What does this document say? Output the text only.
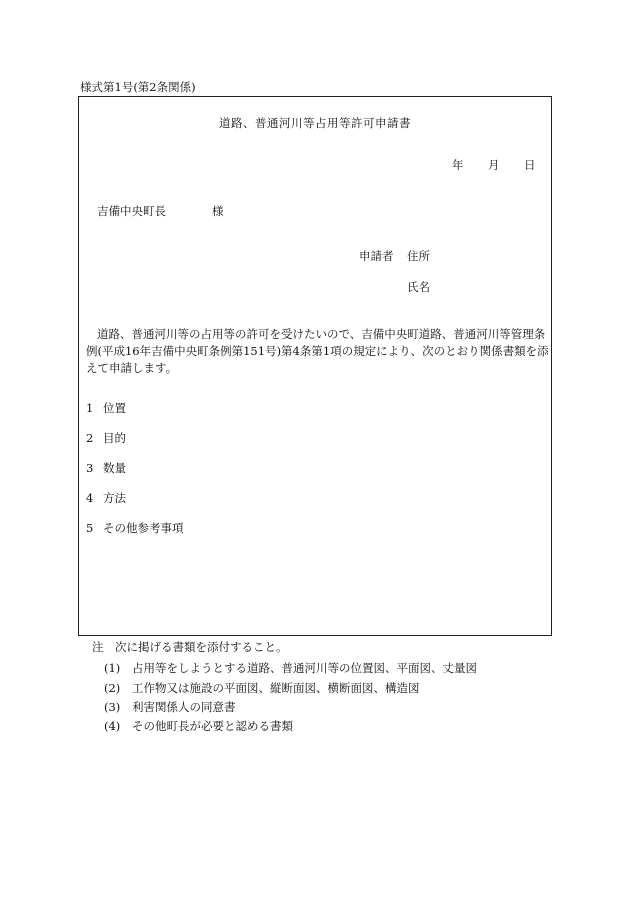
様式第1号(第2条関係)
道路、普通河川等占用等許可申請書
年 月 日
吉備中央町長	様
申請者 住所
氏名
道路、普通河川等の占用等の許可を受けたいので、吉備中央町道路、普通河川等管理条
例(平成16年吉備中央町条例第151号)第4条第1項の規定により、次のとおり関係書類を添
えて申請します。
1 位置
2 目的
3 数量
4 方法
5 その他参考事項
注　次に掲げる書類を添付すること。
(1) 占用等をしようとする道路、普通河川等の位置図、平面図、丈量図
(2) 工作物又は施設の平面図、縦断面図、横断面図、構造図
(3) 利害関係人の同意書
(4) その他町長が必要と認める書類
